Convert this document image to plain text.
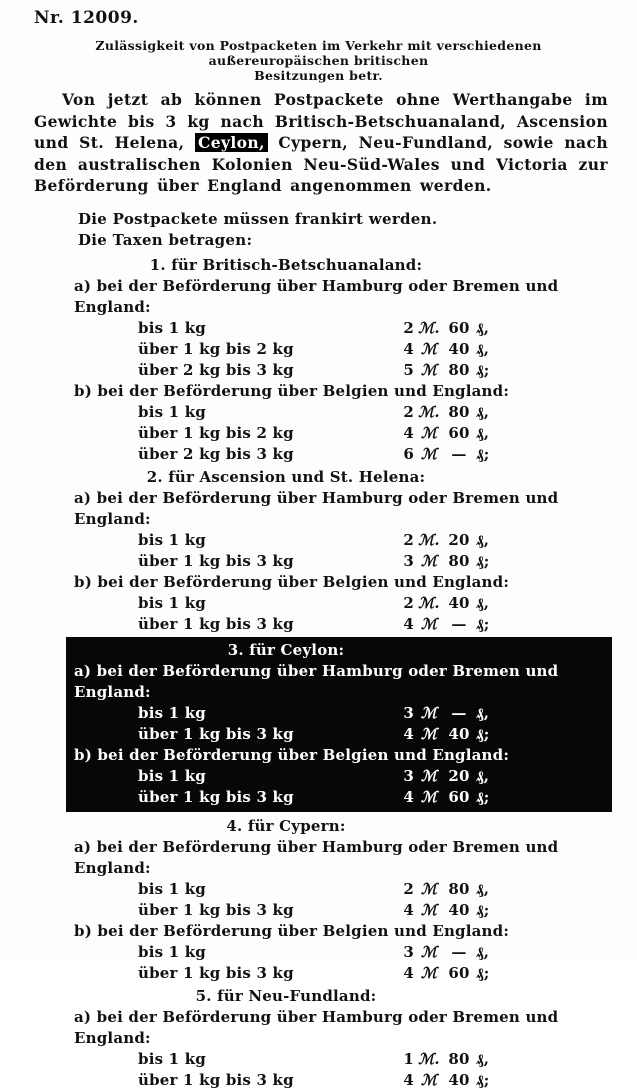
Nr. 12009.
Zulässigkeit von Postpacketen im Verkehr mit verschiedenen außereuropäischen britischen
Besitzungen betr.

Von jetzt ab können Postpackete ohne Werthangabe im Gewichte bis 3 kg nach Britisch-Betschuanaland, Ascension und St. Helena, Ceylon, Cypern, Neu-Fundland, sowie nach den australischen Kolonien Neu-Süd-Wales und Victoria zur Beförderung über England angenommen werden.

Die Postpackete müssen frankirt werden.
Die Taxen betragen:
1. für Britisch-Betschuanaland:
a) bei der Beförderung über Hamburg oder Bremen und England:
bis 1 kg	2 ℳ. 60 ₰,
über 1 kg bis 2 kg	4 ℳ 40 ₰,
über 2 kg bis 3 kg	5 ℳ 80 ₰;
b) bei der Beförderung über Belgien und England:
bis 1 kg	2 ℳ. 80 ₰,
über 1 kg bis 2 kg	4 ℳ 60 ₰,
über 2 kg bis 3 kg	6 ℳ — ₰;
2. für Ascension und St. Helena:
a) bei der Beförderung über Hamburg oder Bremen und England:
bis 1 kg	2 ℳ. 20 ₰,
über 1 kg bis 3 kg	3 ℳ 80 ₰;
b) bei der Beförderung über Belgien und England:
bis 1 kg	2 ℳ. 40 ₰,
über 1 kg bis 3 kg	4 ℳ — ₰;
3. für Ceylon:
a) bei der Beförderung über Hamburg oder Bremen und England:
bis 1 kg	3 ℳ — ₰,
über 1 kg bis 3 kg	4 ℳ 40 ₰;
b) bei der Beförderung über Belgien und England:
bis 1 kg	3 ℳ 20 ₰,
über 1 kg bis 3 kg	4 ℳ 60 ₰;
4. für Cypern:
a) bei der Beförderung über Hamburg oder Bremen und England:
bis 1 kg	2 ℳ 80 ₰,
über 1 kg bis 3 kg	4 ℳ 40 ₰;
b) bei der Beförderung über Belgien und England:
bis 1 kg	3 ℳ — ₰,
über 1 kg bis 3 kg	4 ℳ 60 ₰;
5. für Neu-Fundland:
a) bei der Beförderung über Hamburg oder Bremen und England:
bis 1 kg	1 ℳ. 80 ₰,
über 1 kg bis 3 kg	4 ℳ 40 ₰;
